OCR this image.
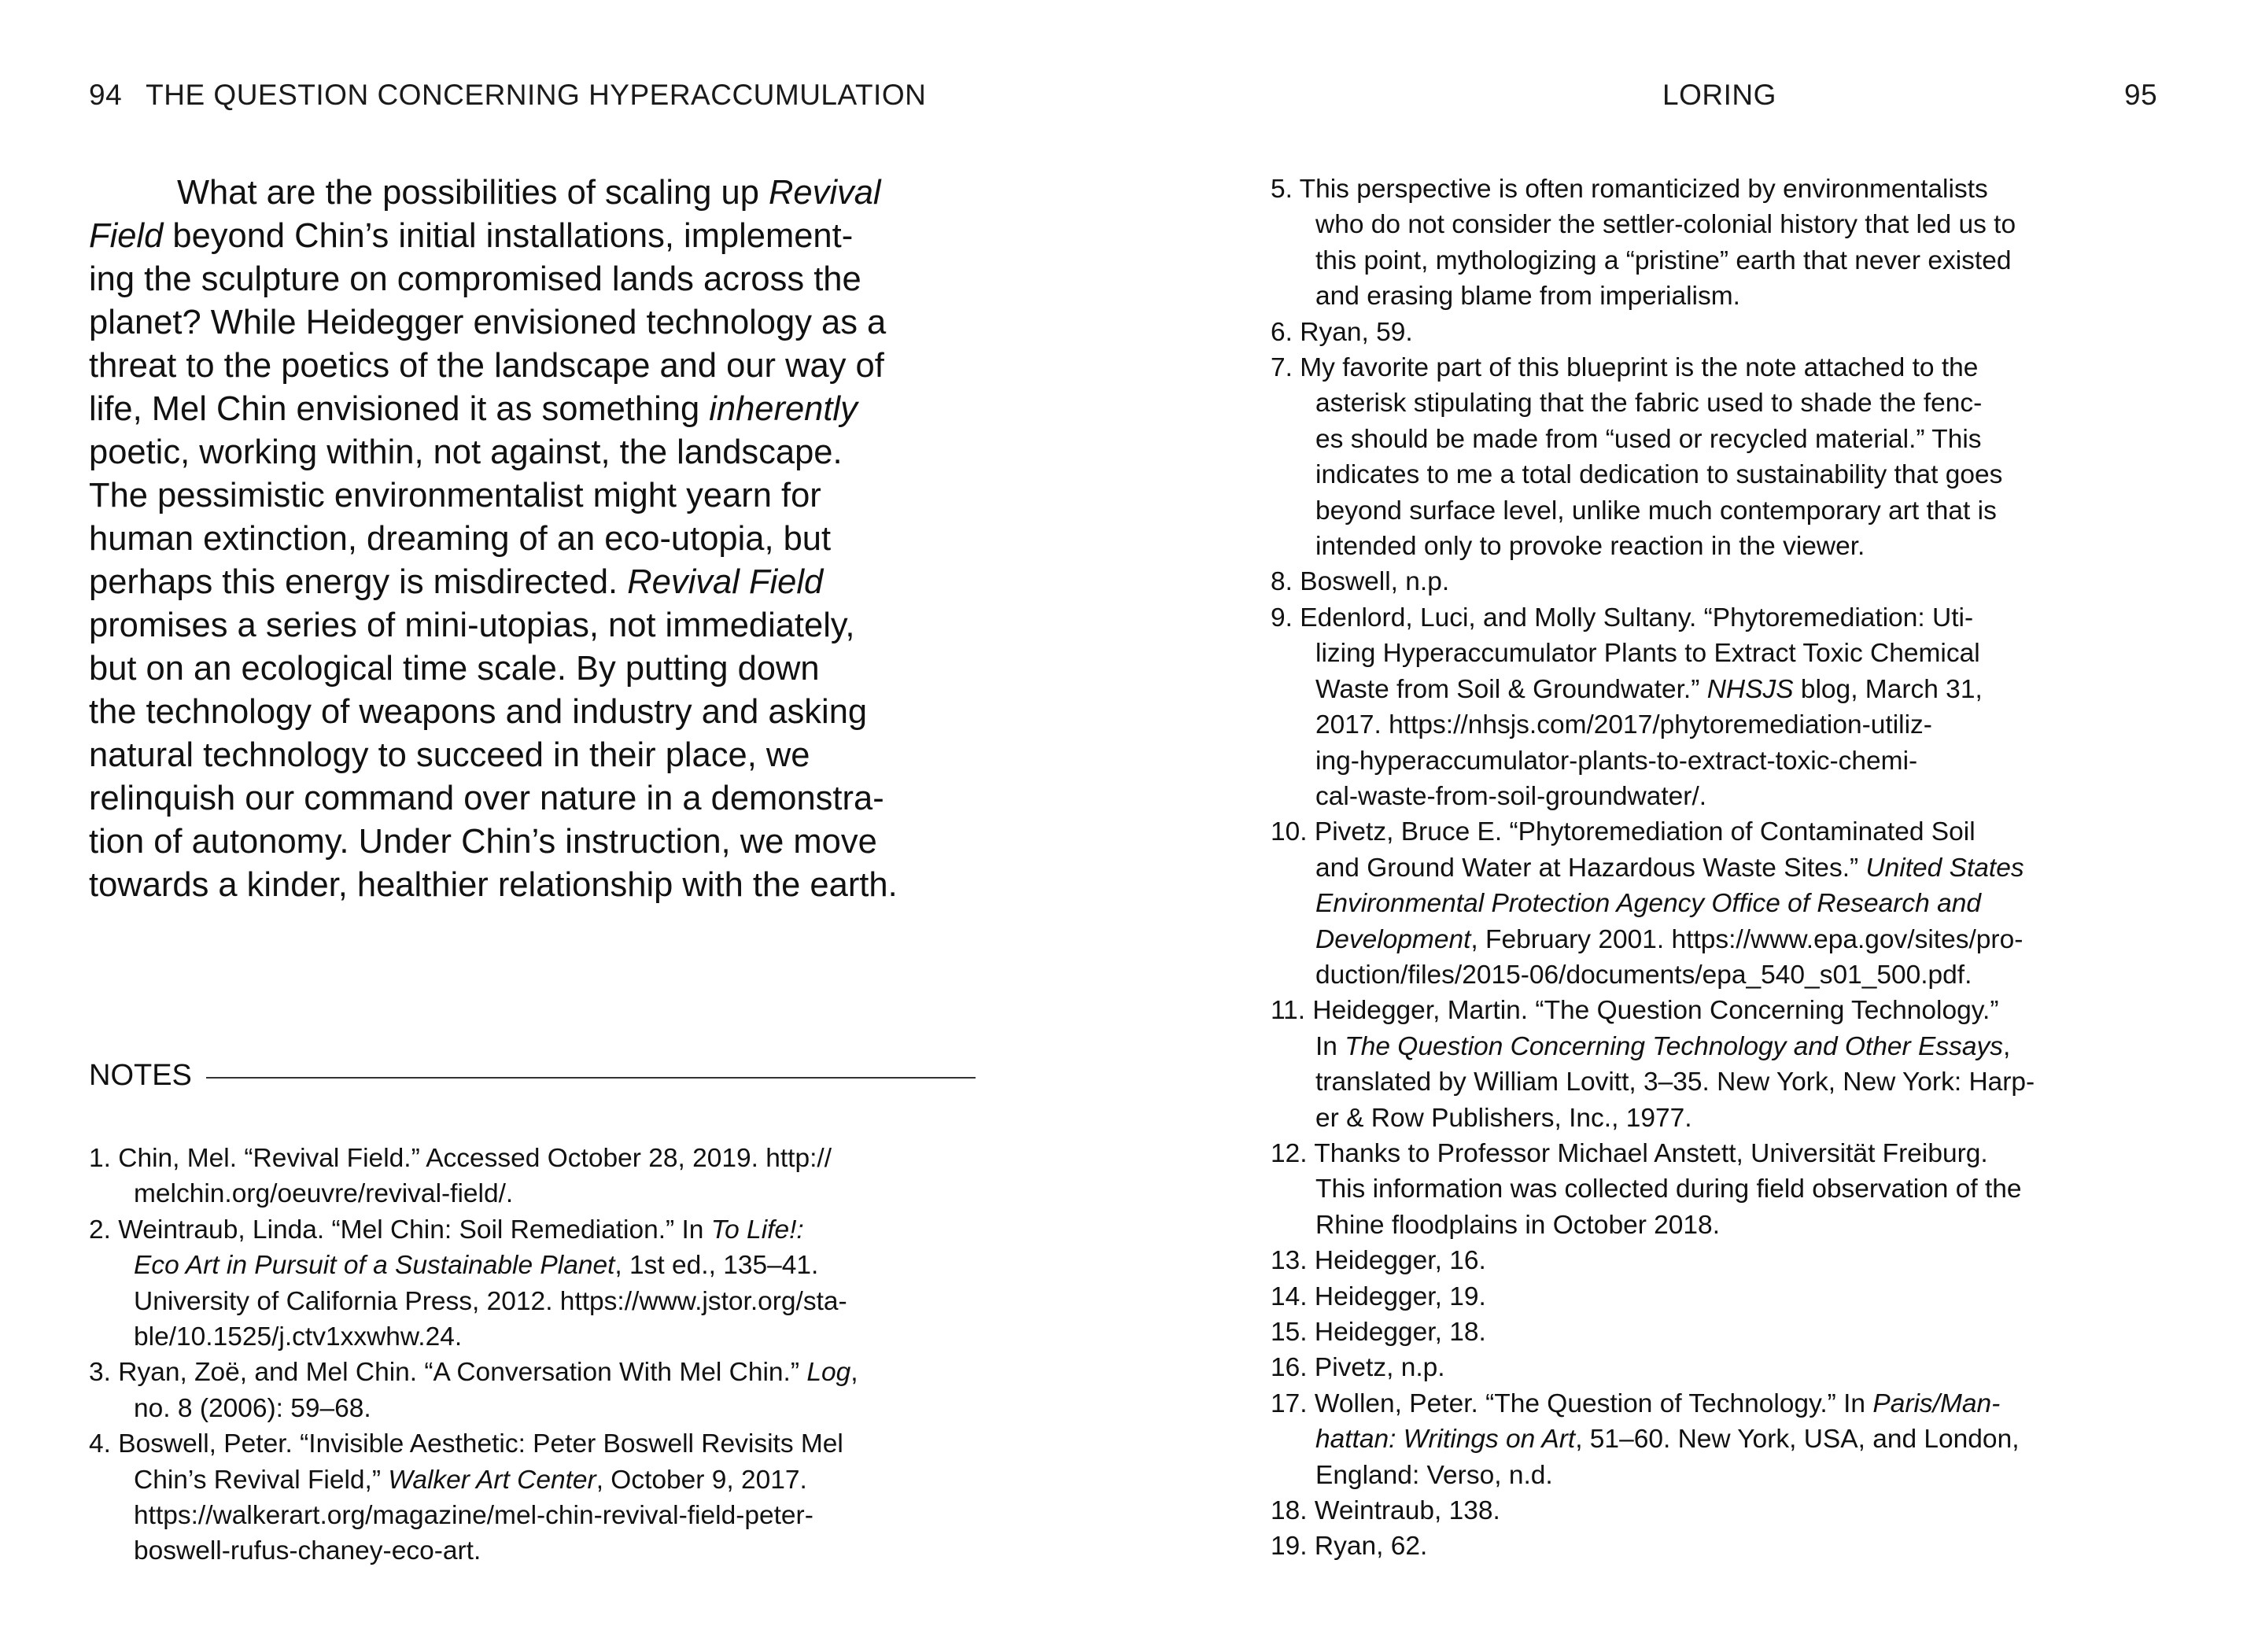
94 THE QUESTION CONCERNING HYPERACCUMULATION
What are the possibilities of scaling up Revival
Field beyond Chin’s initial installations, implement-
ing the sculpture on compromised lands across the
planet? While Heidegger envisioned technology as a
threat to the poetics of the landscape and our way of
life, Mel Chin envisioned it as something inherently
poetic, working within, not against, the landscape.
The pessimistic environmentalist might yearn for
human extinction, dreaming of an eco-utopia, but
perhaps this energy is misdirected. Revival Field
promises a series of mini-utopias, not immediately,
but on an ecological time scale. By putting down
the technology of weapons and industry and asking
natural technology to succeed in their place, we
relinquish our command over nature in a demonstra-
tion of autonomy. Under Chin’s instruction, we move
towards a kinder, healthier relationship with the earth.
NOTES
1. Chin, Mel. “Revival Field.” Accessed October 28, 2019. http://
melchin.org/oeuvre/revival-field/.
2. Weintraub, Linda. “Mel Chin: Soil Remediation.” In To Life!:
Eco Art in Pursuit of a Sustainable Planet, 1st ed., 135–41.
University of California Press, 2012. https://www.jstor.org/sta-
ble/10.1525/j.ctv1xxwhw.24.
3. Ryan, Zoë, and Mel Chin. “A Conversation With Mel Chin.” Log,
no. 8 (2006): 59–68.
4. Boswell, Peter. “Invisible Aesthetic: Peter Boswell Revisits Mel
Chin’s Revival Field,” Walker Art Center, October 9, 2017.
https://walkerart.org/magazine/mel-chin-revival-field-peter-
boswell-rufus-chaney-eco-art.
LORING	95
5. This perspective is often romanticized by environmentalists
who do not consider the settler-colonial history that led us to
this point, mythologizing a “pristine” earth that never existed
and erasing blame from imperialism.
6. Ryan, 59.
7. My favorite part of this blueprint is the note attached to the
asterisk stipulating that the fabric used to shade the fenc-
es should be made from “used or recycled material.” This
indicates to me a total dedication to sustainability that goes
beyond surface level, unlike much contemporary art that is
intended only to provoke reaction in the viewer.
8. Boswell, n.p.
9. Edenlord, Luci, and Molly Sultany. “Phytoremediation: Uti-
lizing Hyperaccumulator Plants to Extract Toxic Chemical
Waste from Soil & Groundwater.” NHSJS blog, March 31,
2017. https://nhsjs.com/2017/phytoremediation-utiliz-
ing-hyperaccumulator-plants-to-extract-toxic-chemi-
cal-waste-from-soil-groundwater/.
10. Pivetz, Bruce E. “Phytoremediation of Contaminated Soil
and Ground Water at Hazardous Waste Sites.” United States
Environmental Protection Agency Office of Research and
Development, February 2001. https://www.epa.gov/sites/pro-
duction/files/2015-06/documents/epa_540_s01_500.pdf.
11. Heidegger, Martin. “The Question Concerning Technology.”
In The Question Concerning Technology and Other Essays,
translated by William Lovitt, 3–35. New York, New York: Harp-
er & Row Publishers, Inc., 1977.
12. Thanks to Professor Michael Anstett, Universität Freiburg.
This information was collected during field observation of the
Rhine floodplains in October 2018.
13. Heidegger, 16.
14. Heidegger, 19.
15. Heidegger, 18.
16. Pivetz, n.p.
17. Wollen, Peter. “The Question of Technology.” In Paris/Man-
hattan: Writings on Art, 51–60. New York, USA, and London,
England: Verso, n.d.
18. Weintraub, 138.
19. Ryan, 62.
